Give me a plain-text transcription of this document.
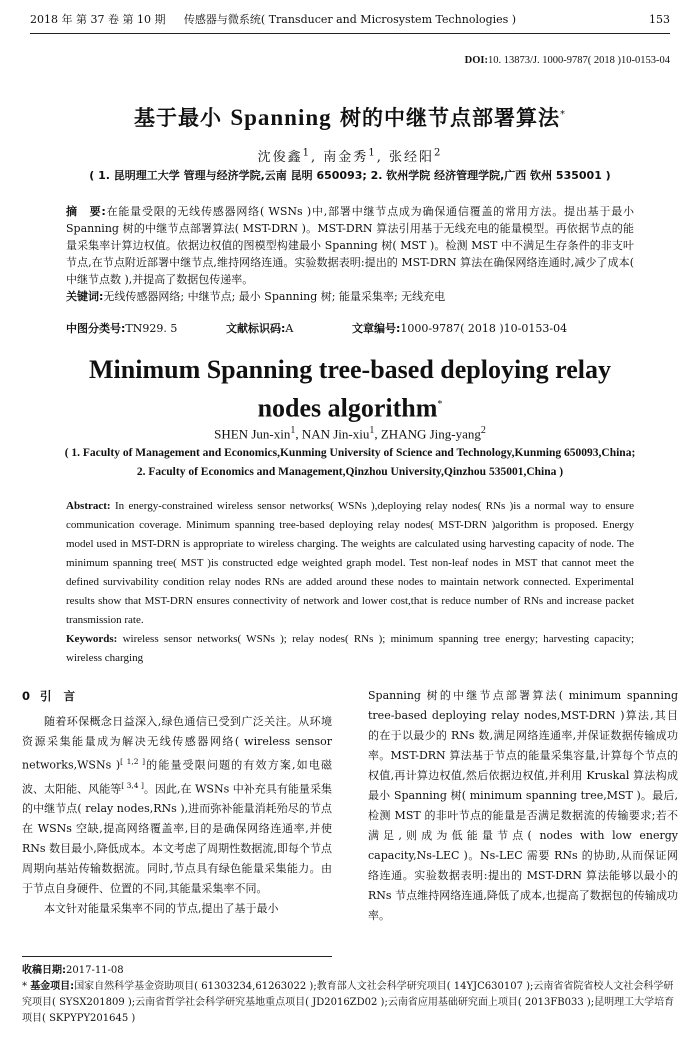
2018 年 第 37 卷 第 10 期	传感器与微系统( Transducer and Microsystem Technologies )	153
DOI:10. 13873/J. 1000-9787( 2018 )10-0153-04
基于最小 Spanning 树的中继节点部署算法*
沈俊鑫$^1$, 南金秀$^1$, 张经阳$^2$
( 1. 昆明理工大学 管理与经济学院,云南 昆明 650093; 2. 钦州学院 经济管理学院,广西 钦州 535001 )
摘　要:在能量受限的无线传感器网络( WSNs )中,部署中继节点成为确保通信覆盖的常用方法。提出基于最小 Spanning 树的中继节点部署算法( MST-DRN )。MST-DRN 算法引用基于无线充电的能量模型。再依据节点的能量采集率计算边权值。依据边权值的图模型构建最小 Spanning 树( MST )。检测 MST 中不满足生存条件的非支叶节点,在节点附近部署中继节点,维持网络连通。实验数据表明:提出的 MST-DRN 算法在确保网络连通时,减少了成本( 中继节点数 ),并提高了数据包传递率。
关键词:无线传感器网络; 中继节点; 最小 Spanning 树; 能量采集率; 无线充电
中图分类号:TN929. 5	文献标识码:A	文章编号:1000-9787( 2018 )10-0153-04
Minimum Spanning tree-based deploying relay
nodes algorithm*
SHEN Jun-xin$^1$, NAN Jin-xiu$^1$, ZHANG Jing-yang$^2$
( 1. Faculty of Management and Economics,Kunming University of Science and Technology,Kunming 650093,China;
2. Faculty of Economics and Management,Qinzhou University,Qinzhou 535001,China )
Abstract: In energy-constrained wireless sensor networks( WSNs ),deploying relay nodes( RNs )is a normal way to ensure communication coverage. Minimum spanning tree-based deploying relay nodes( MST-DRN )algorithm is proposed. Energy model used in MST-DRN is appropriate to wireless charging. The weights are calculated using harvesting capacity of node. The minimum spanning tree( MST )is constructed edge weighted graph model. Test non-leaf nodes in MST that cannot meet the defined survivability condition relay nodes RNs are added around these nodes to maintain network connected. Experimental results show that MST-DRN ensures connectivity of network and lower cost,that is reduce number of RNs and increase packet transmission rate.
Keywords: wireless sensor networks( WSNs ); relay nodes( RNs ); minimum spanning tree energy; harvesting capacity; wireless charging
0 引言

随着环保概念日益深入,绿色通信已受到广泛关注。从环境资源采集能量成为解决无线传感器网络( wireless sensor networks,WSNs )[ 1,2 ]的能量受限问题的有效方案,如电磁波、太阳能、风能等[ 3,4 ]。因此,在 WSNs 中补充具有能量采集的中继节点( relay nodes,RNs ),进而弥补能量消耗殆尽的节点在 WSNs 空缺,提高网络覆盖率,目的是确保网络连通率,并使 RNs 数目最小,降低成本。本文考虑了周期性数据流,即每个节点周期向基站传输数据流。同时,节点具有绿色能量采集能力。由于节点自身硬件、位置的不同,其能量采集率不同。

本文针对能量采集率不同的节点,提出了基于最小

Spanning 树的中继节点部署算法( minimum spanning tree-based deploying relay nodes,MST-DRN )算法,其目的在于以最少的 RNs 数,满足网络连通率,并保证数据传输成功率。MST-DRN 算法基于节点的能量采集容量,计算每个节点的权值,再计算边权值,然后依据边权值,并利用 Kruskal 算法构成最小 Spanning 树( minimum spanning tree,MST )。最后,检测 MST 的非叶节点的能量是否满足数据流的传输要求;若不满足,则成为低能量节点( nodes with low energy capacity,Ns-LEC )。Ns-LEC 需要 RNs 的协助,从而保证网络连通。实验数据表明:提出的 MST-DRN 算法能够以最小的 RNs 节点维持网络连通,降低了成本,也提高了数据包的传输成功率。

收稿日期:2017-11-08
* 基金项目:国家自然科学基金资助项目( 61303234,61263022 );教育部人文社会科学研究项目( 14YJC630107 );云南省省院省校人文社会科学研究项目( SYSX201809 );云南省哲学社会科学研究基地重点项目( JD2016ZD02 );云南省应用基础研究面上项目( 2013FB033 );昆明理工大学培育项目( SKPYPY201645 )
